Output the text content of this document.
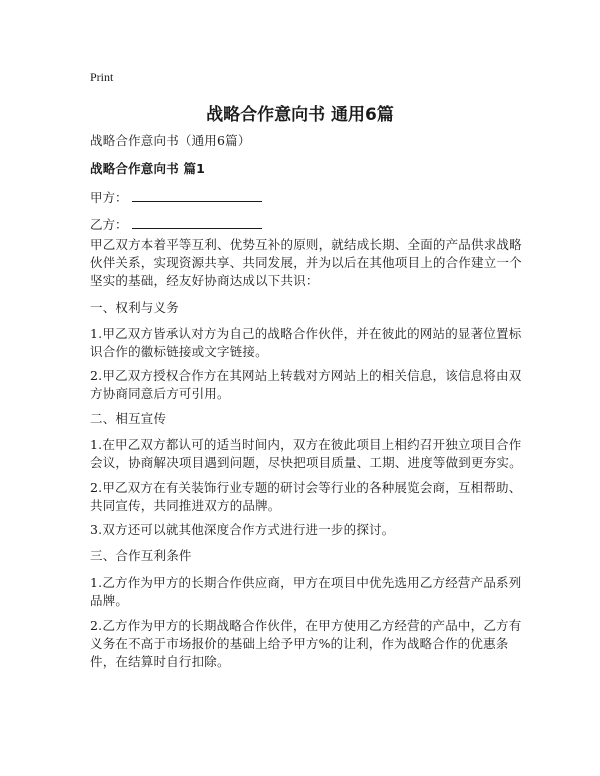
Print
战略合作意向书 通用6篇
战略合作意向书（通用6篇）
战略合作意向书 篇1
甲方：
乙方：
甲乙双方本着平等互利、优势互补的原则，就结成长期、全面的产品供求战略伙伴关系，实现资源共享、共同发展，并为以后在其他项目上的合作建立一个坚实的基础，经友好协商达成以下共识：
一、权利与义务
1.甲乙双方皆承认对方为自己的战略合作伙伴，并在彼此的网站的显著位置标识合作的徽标链接或文字链接。
2.甲乙双方授权合作方在其网站上转载对方网站上的相关信息，该信息将由双方协商同意后方可引用。
二、相互宣传
1.在甲乙双方都认可的适当时间内，双方在彼此项目上相约召开独立项目合作会议，协商解决项目遇到问题，尽快把项目质量、工期、进度等做到更夯实。
2.甲乙双方在有关装饰行业专题的研讨会等行业的各种展览会商，互相帮助、共同宣传，共同推进双方的品牌。
3.双方还可以就其他深度合作方式进行进一步的探讨。
三、合作互利条件
1.乙方作为甲方的长期合作供应商，甲方在项目中优先选用乙方经营产品系列品牌。
2.乙方作为甲方的长期战略合作伙伴，在甲方使用乙方经营的产品中，乙方有义务在不高于市场报价的基础上给予甲方%的让利，作为战略合作的优惠条件，在结算时自行扣除。
